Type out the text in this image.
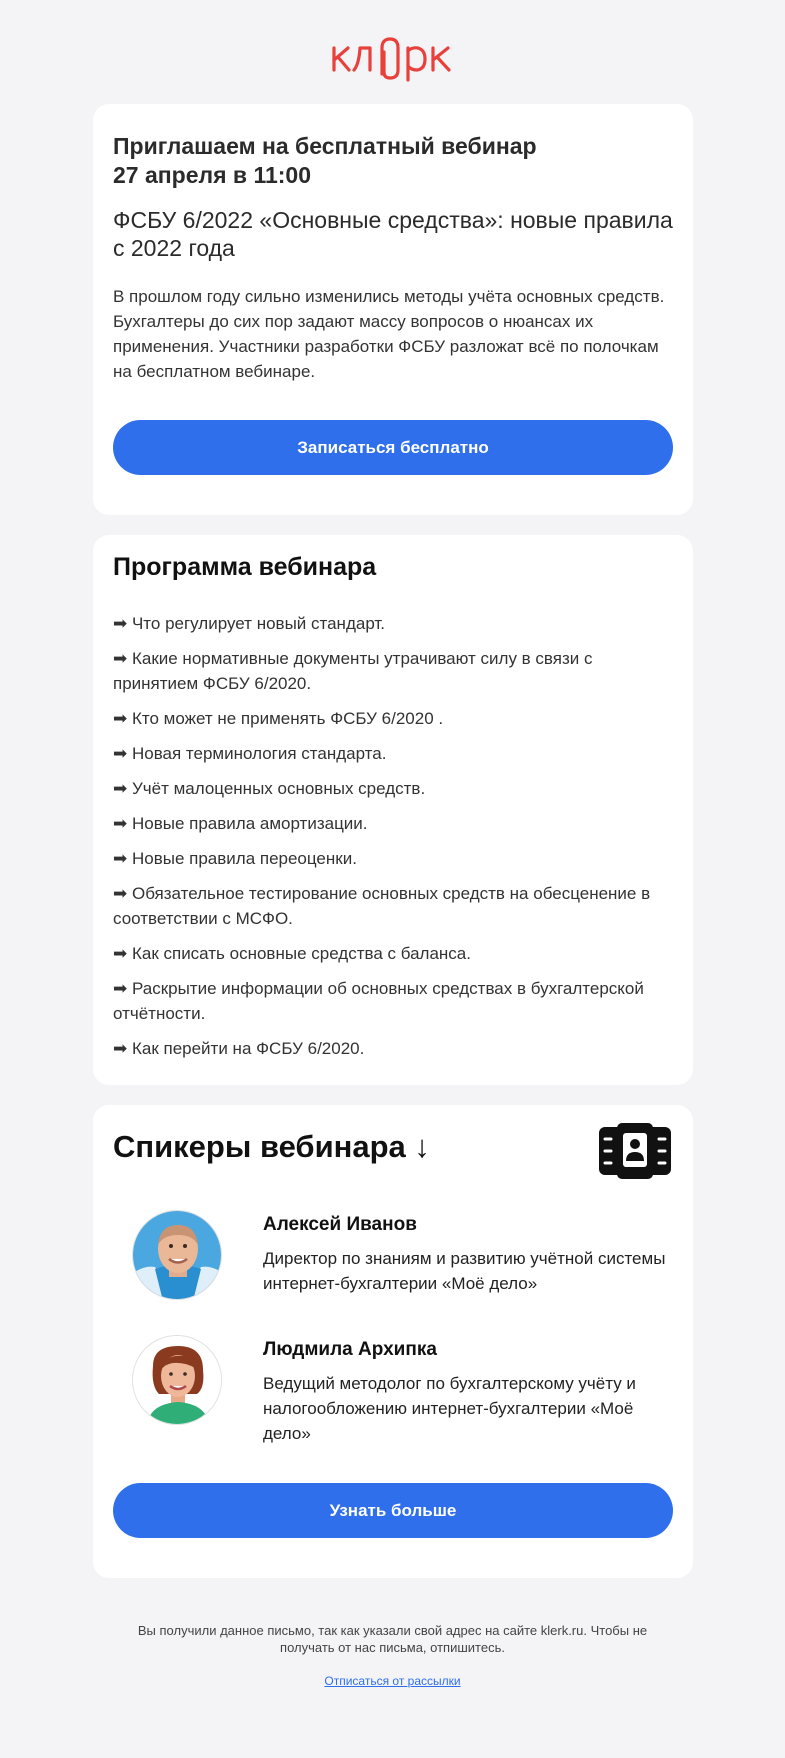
Приглашаем на бесплатный вебинар
27 апреля в 11:00
ФСБУ 6/2022 «Основные средства»: новые правила с 2022 года

В прошлом году сильно изменились методы учёта основных средств. Бухгалтеры до сих пор задают массу вопросов о нюансах их применения. Участники разработки ФСБУ разложат всё по полочкам на бесплатном вебинаре.

Записаться бесплатно
Программа вебинара
➡ Что регулирует новый стандарт.
➡ Какие нормативные документы утрачивают силу в связи с принятием ФСБУ 6/2020.
➡ Кто может не применять ФСБУ 6/2020 .
➡ Новая терминология стандарта.
➡ Учёт малоценных основных средств.
➡ Новые правила амортизации.
➡ Новые правила переоценки.
➡ Обязательное тестирование основных средств на обесценение в соответствии с МСФО.
➡ Как списать основные средства с баланса.
➡ Раскрытие информации об основных средствах в бухгалтерской отчётности.
➡ Как перейти на ФСБУ 6/2020.
Спикеры вебинара ↓
Алексей Иванов
Директор по знаниям и развитию учётной системы интернет-бухгалтерии «Моё дело»
Людмила Архипка
Ведущий методолог по бухгалтерскому учёту и налогообложению интернет-бухгалтерии «Моё дело»
Узнать больше
Вы получили данное письмо, так как указали свой адрес на сайте klerk.ru. Чтобы не получать от нас письма, отпишитесь.
Отписаться от рассылки
